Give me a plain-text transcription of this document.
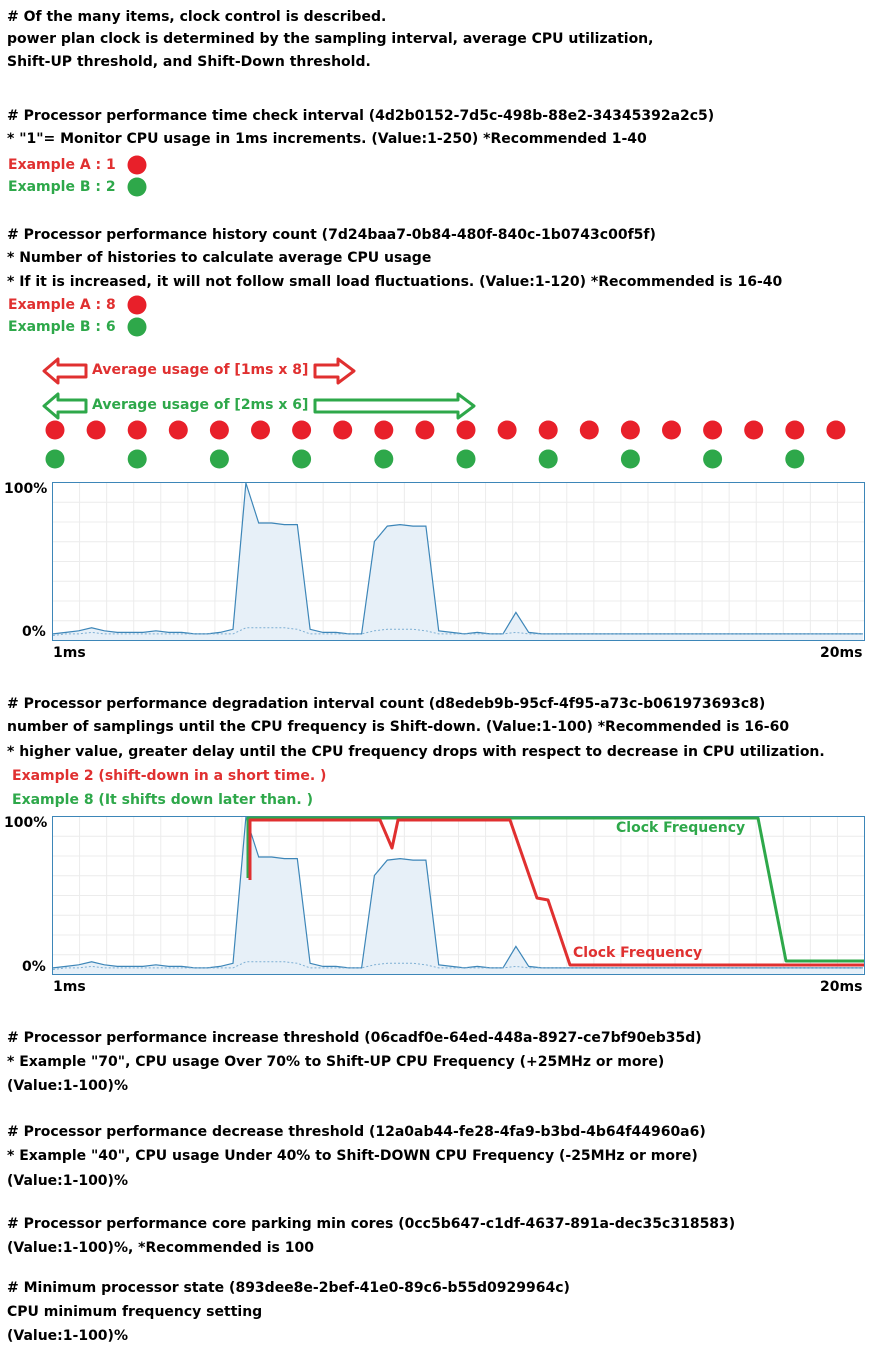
# Of the many items, clock control is described.
power plan clock is determined by the sampling interval, average CPU utilization,
Shift-UP threshold, and Shift-Down threshold.
# Processor performance time check interval (4d2b0152-7d5c-498b-88e2-34345392a2c5)
* "1"= Monitor CPU usage in 1ms increments. (Value:1-250) *Recommended 1-40
Example A : 1
Example B : 2
# Processor performance history count (7d24baa7-0b84-480f-840c-1b0743c00f5f)
* Number of histories to calculate average CPU usage
* If it is increased, it will not follow small load fluctuations. (Value:1-120) *Recommended is 16-40
Example A : 8
Example B : 6
Average usage of [1ms x 8]
Average usage of [2ms x 6]
100%
0%
1ms	20ms
# Processor performance degradation interval count (d8edeb9b-95cf-4f95-a73c-b061973693c8)
number of samplings until the CPU frequency is Shift-down. (Value:1-100) *Recommended is 16-60
* higher value, greater delay until the CPU frequency drops with respect to decrease in CPU utilization.
Example 2 (shift-down in a short time. )
Example 8 (It shifts down later than. )
100%
0%
Clock Frequency
Clock Frequency
1ms	20ms
# Processor performance increase threshold (06cadf0e-64ed-448a-8927-ce7bf90eb35d)
* Example "70", CPU usage Over 70% to Shift-UP CPU Frequency (+25MHz or more)
(Value:1-100)%
# Processor performance decrease threshold (12a0ab44-fe28-4fa9-b3bd-4b64f44960a6)
* Example "40", CPU usage Under 40% to Shift-DOWN CPU Frequency (-25MHz or more)
(Value:1-100)%
# Processor performance core parking min cores (0cc5b647-c1df-4637-891a-dec35c318583)
(Value:1-100)%, *Recommended is 100
# Minimum processor state (893dee8e-2bef-41e0-89c6-b55d0929964c)
CPU minimum frequency setting
(Value:1-100)%
